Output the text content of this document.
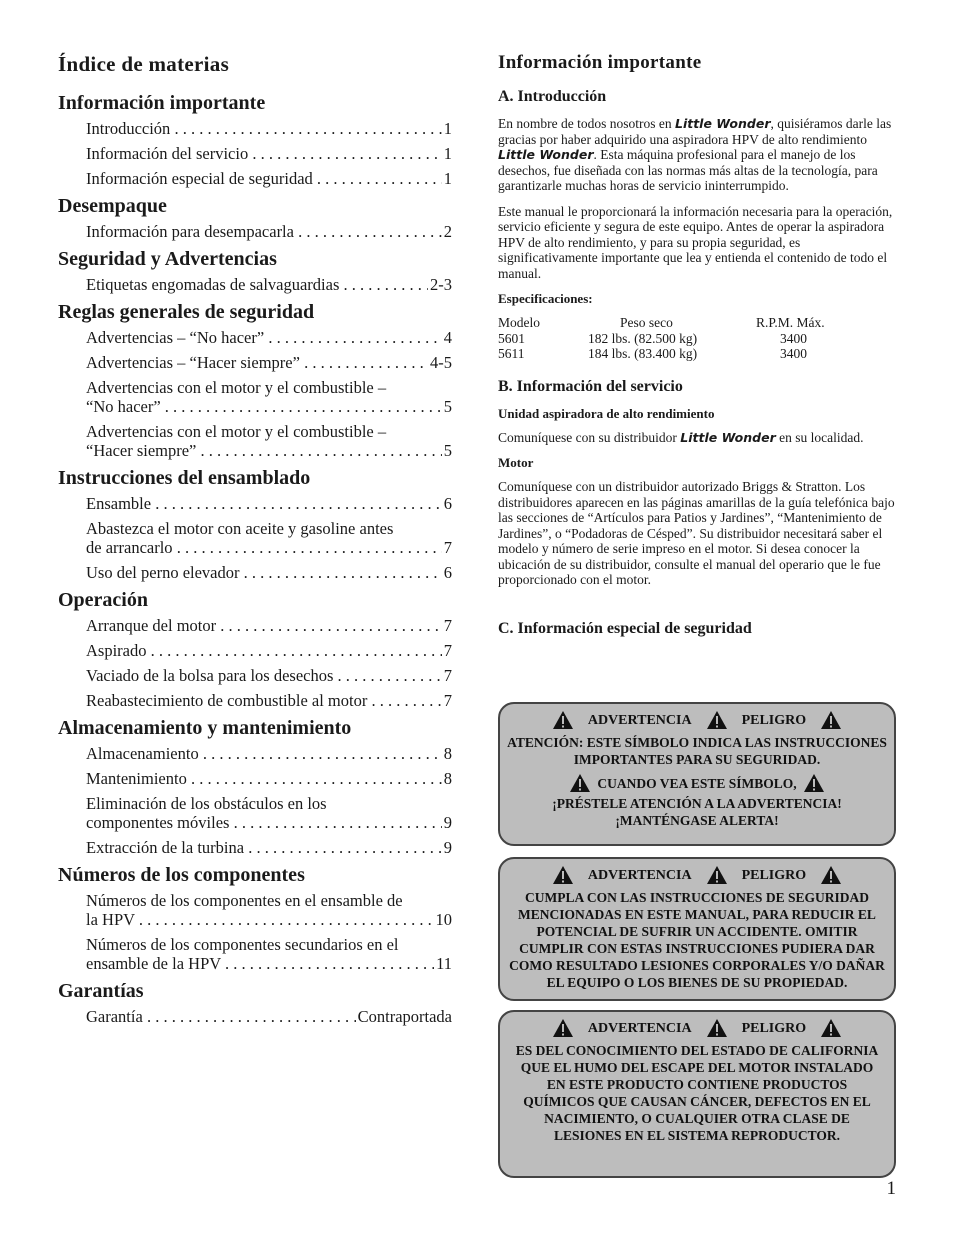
Índice de materias
Información importante
Introducción . . .	1
Información del servicio . . .	1
Información especial de seguridad . . .	1
Desempaque
Información para desempacarla . . .	2
Seguridad y Advertencias
Etiquetas engomadas de salvaguardias . . .	2-3
Reglas generales de seguridad
Advertencias – “No hacer” . . .	4
Advertencias – “Hacer siempre” . . .	4-5
Advertencias con el motor y el combustible –
“No hacer” . . .	5
Advertencias con el motor y el combustible –
“Hacer siempre” . . .	5
Instrucciones del ensamblado
Ensamble . . .	6
Abastezca el motor con aceite y gasoline antes
de arrancarlo . . .	7
Uso del perno elevador . . .	6
Operación
Arranque del motor . . .	7
Aspirado . . .	7
Vaciado de la bolsa para los desechos . . .	7
Reabastecimiento de combustible al motor . . .	7
Almacenamiento y mantenimiento
Almacenamiento . . .	8
Mantenimiento . . .	8
Eliminación de los obstáculos en los
componentes móviles . . .	9
Extracción de la turbina . . .	9
Números de los componentes
Números de los componentes en el ensamble de
la HPV . . .	10
Números de los componentes secundarios en el
ensamble de la HPV . . .	11
Garantías
Garantía . . .	Contraportada
Información importante
A. Introducción

En nombre de todos nosotros en Little Wonder, quisiéramos darle las gracias por haber adquirido una aspiradora HPV de alto rendimiento Little Wonder. Esta máquina profesional para el manejo de los desechos, fue diseñada con las normas más altas de la tecnología, para garantizarle muchas horas de servicio ininterrumpido.

Este manual le proporcionará la información necesaria para la operación, servicio eficiente y segura de este equipo. Antes de operar la aspiradora HPV de alto rendimiento, y para su propia seguridad, es significativamente importante que lea y entienda el contenido de todo el manual.

Especificaciones:
Modelo	Peso seco	R.P.M. Máx.
5601	182 lbs. (82.500 kg)	3400
5611	184 lbs. (83.400 kg)	3400
B. Información del servicio
Unidad aspiradora de alto rendimiento

Comuníquese con su distribuidor Little Wonder en su localidad.

Motor

Comuníquese con un distribuidor autorizado Briggs & Stratton. Los distribuidores aparecen en las páginas amarillas de la guía telefónica bajo las secciones de “Artículos para Patios y Jardines”, “Mantenimiento de Jardines”, o “Podadoras de Césped”. Su distribuidor necesitará saber el modelo y número de serie impreso en el motor. Si desea conocer la ubicación de su distribuidor, consulte el manual del operario que le fue proporcionado con el motor.

C. Información especial de seguridad
ADVERTENCIA	PELIGRO
ATENCIÓN: ESTE SÍMBOLO INDICA LAS INSTRUCCIONES IMPORTANTES PARA SU SEGURIDAD.
CUANDO VEA ESTE SÍMBOLO,
¡PRÉSTELE ATENCIÓN A LA ADVERTENCIA! ¡MANTÉNGASE ALERTA!
ADVERTENCIA	PELIGRO
CUMPLA CON LAS INSTRUCCIONES DE SEGURIDAD MENCIONADAS EN ESTE MANUAL, PARA REDUCIR EL POTENCIAL DE SUFRIR UN ACCIDENTE. OMITIR CUMPLIR CON ESTAS INSTRUCCIONES PUDIERA DAR COMO RESULTADO LESIONES CORPORALES Y/O DAÑAR EL EQUIPO O LOS BIENES DE SU PROPIEDAD.
ADVERTENCIA	PELIGRO
ES DEL CONOCIMIENTO DEL ESTADO DE CALIFORNIA QUE EL HUMO DEL ESCAPE DEL MOTOR INSTALADO EN ESTE PRODUCTO CONTIENE PRODUCTOS QUÍMICOS QUE CAUSAN CÁNCER, DEFECTOS EN EL NACIMIENTO, O CUALQUIER OTRA CLASE DE LESIONES EN EL SISTEMA REPRODUCTOR.
1
